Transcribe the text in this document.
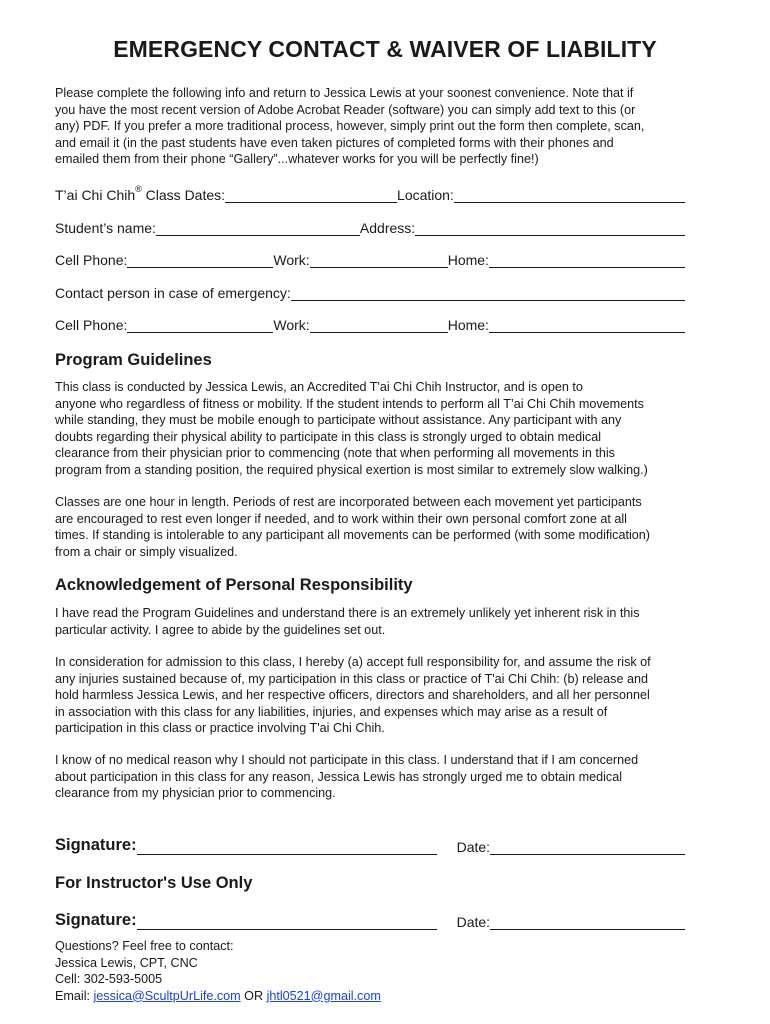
EMERGENCY CONTACT & WAIVER OF LIABILITY
Please complete the following info and return to Jessica Lewis at your soonest convenience. Note that if
you have the most recent version of Adobe Acrobat Reader (software) you can simply add text to this (or
any) PDF. If you prefer a more traditional process, however, simply print out the form then complete, scan,
and email it (in the past students have even taken pictures of completed forms with their phones and
emailed them from their phone “Gallery”...whatever works for you will be perfectly fine!)
T’ai Chi Chih® Class Dates:	Location:
Student’s name:	Address:
Cell Phone:	Work:	Home:
Contact person in case of emergency:
Cell Phone:	Work:	Home:
Program Guidelines
This class is conducted by Jessica Lewis, an Accredited T'ai Chi Chih Instructor, and is open to
anyone who regardless of fitness or mobility. If the student intends to perform all T’ai Chi Chih movements
while standing, they must be mobile enough to participate without assistance. Any participant with any
doubts regarding their physical ability to participate in this class is strongly urged to obtain medical
clearance from their physician prior to commencing (note that when performing all movements in this
program from a standing position, the required physical exertion is most similar to extremely slow walking.)
Classes are one hour in length. Periods of rest are incorporated between each movement yet participants
are encouraged to rest even longer if needed, and to work within their own personal comfort zone at all
times. If standing is intolerable to any participant all movements can be performed (with some modification)
from a chair or simply visualized.
Acknowledgement of Personal Responsibility
I have read the Program Guidelines and understand there is an extremely unlikely yet inherent risk in this
particular activity. I agree to abide by the guidelines set out.
In consideration for admission to this class, I hereby (a) accept full responsibility for, and assume the risk of
any injuries sustained because of, my participation in this class or practice of T'ai Chi Chih: (b) release and
hold harmless Jessica Lewis, and her respective officers, directors and shareholders, and all her personnel
in association with this class for any liabilities, injuries, and expenses which may arise as a result of
participation in this class or practice involving T'ai Chi Chih.
I know of no medical reason why I should not participate in this class. I understand that if I am concerned
about participation in this class for any reason, Jessica Lewis has strongly urged me to obtain medical
clearance from my physician prior to commencing.
Signature:	Date:
For Instructor's Use Only
Signature:	Date:
Questions? Feel free to contact:
Jessica Lewis, CPT, CNC
Cell: 302-593-5005
Email: jessica@ScultpUrLife.com OR jhtl0521@gmail.com
